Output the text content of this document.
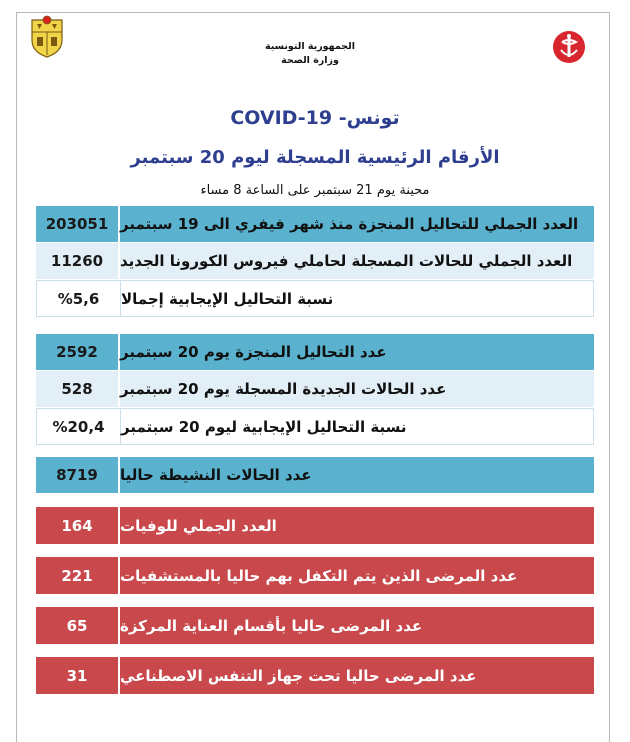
الجمهورية التونسية
وزارة الصحة
COVID-19 -تونس
الأرقام الرئيسية المسجلة ليوم 20 سبتمبر
محينة يوم 21 سبتمبر على الساعة 8 مساء
203051 العدد الجملي للتحاليل المنجزة منذ شهر فيفري الى 19 سبتمبر
11260	العدد الجملي للحالات المسجلة لحاملي فيروس الكورونا الجديد
%5,6	نسبة التحاليل الإيجابية إجمالا
2592	عدد التحاليل المنجزة يوم 20 سبتمبر
528	عدد الحالات الجديدة المسجلة يوم 20 سبتمبر
%20,4	نسبة التحاليل الإيجابية ليوم 20 سبتمبر
8719	عدد الحالات النشيطة حاليا
164	العدد الجملي للوفيات
221	عدد المرضى الذين يتم التكفل بهم حاليا بالمستشفيات
65	عدد المرضى حاليا بأقسام العناية المركزة
31	عدد المرضى حاليا تحت جهاز التنفس الاصطناعي
